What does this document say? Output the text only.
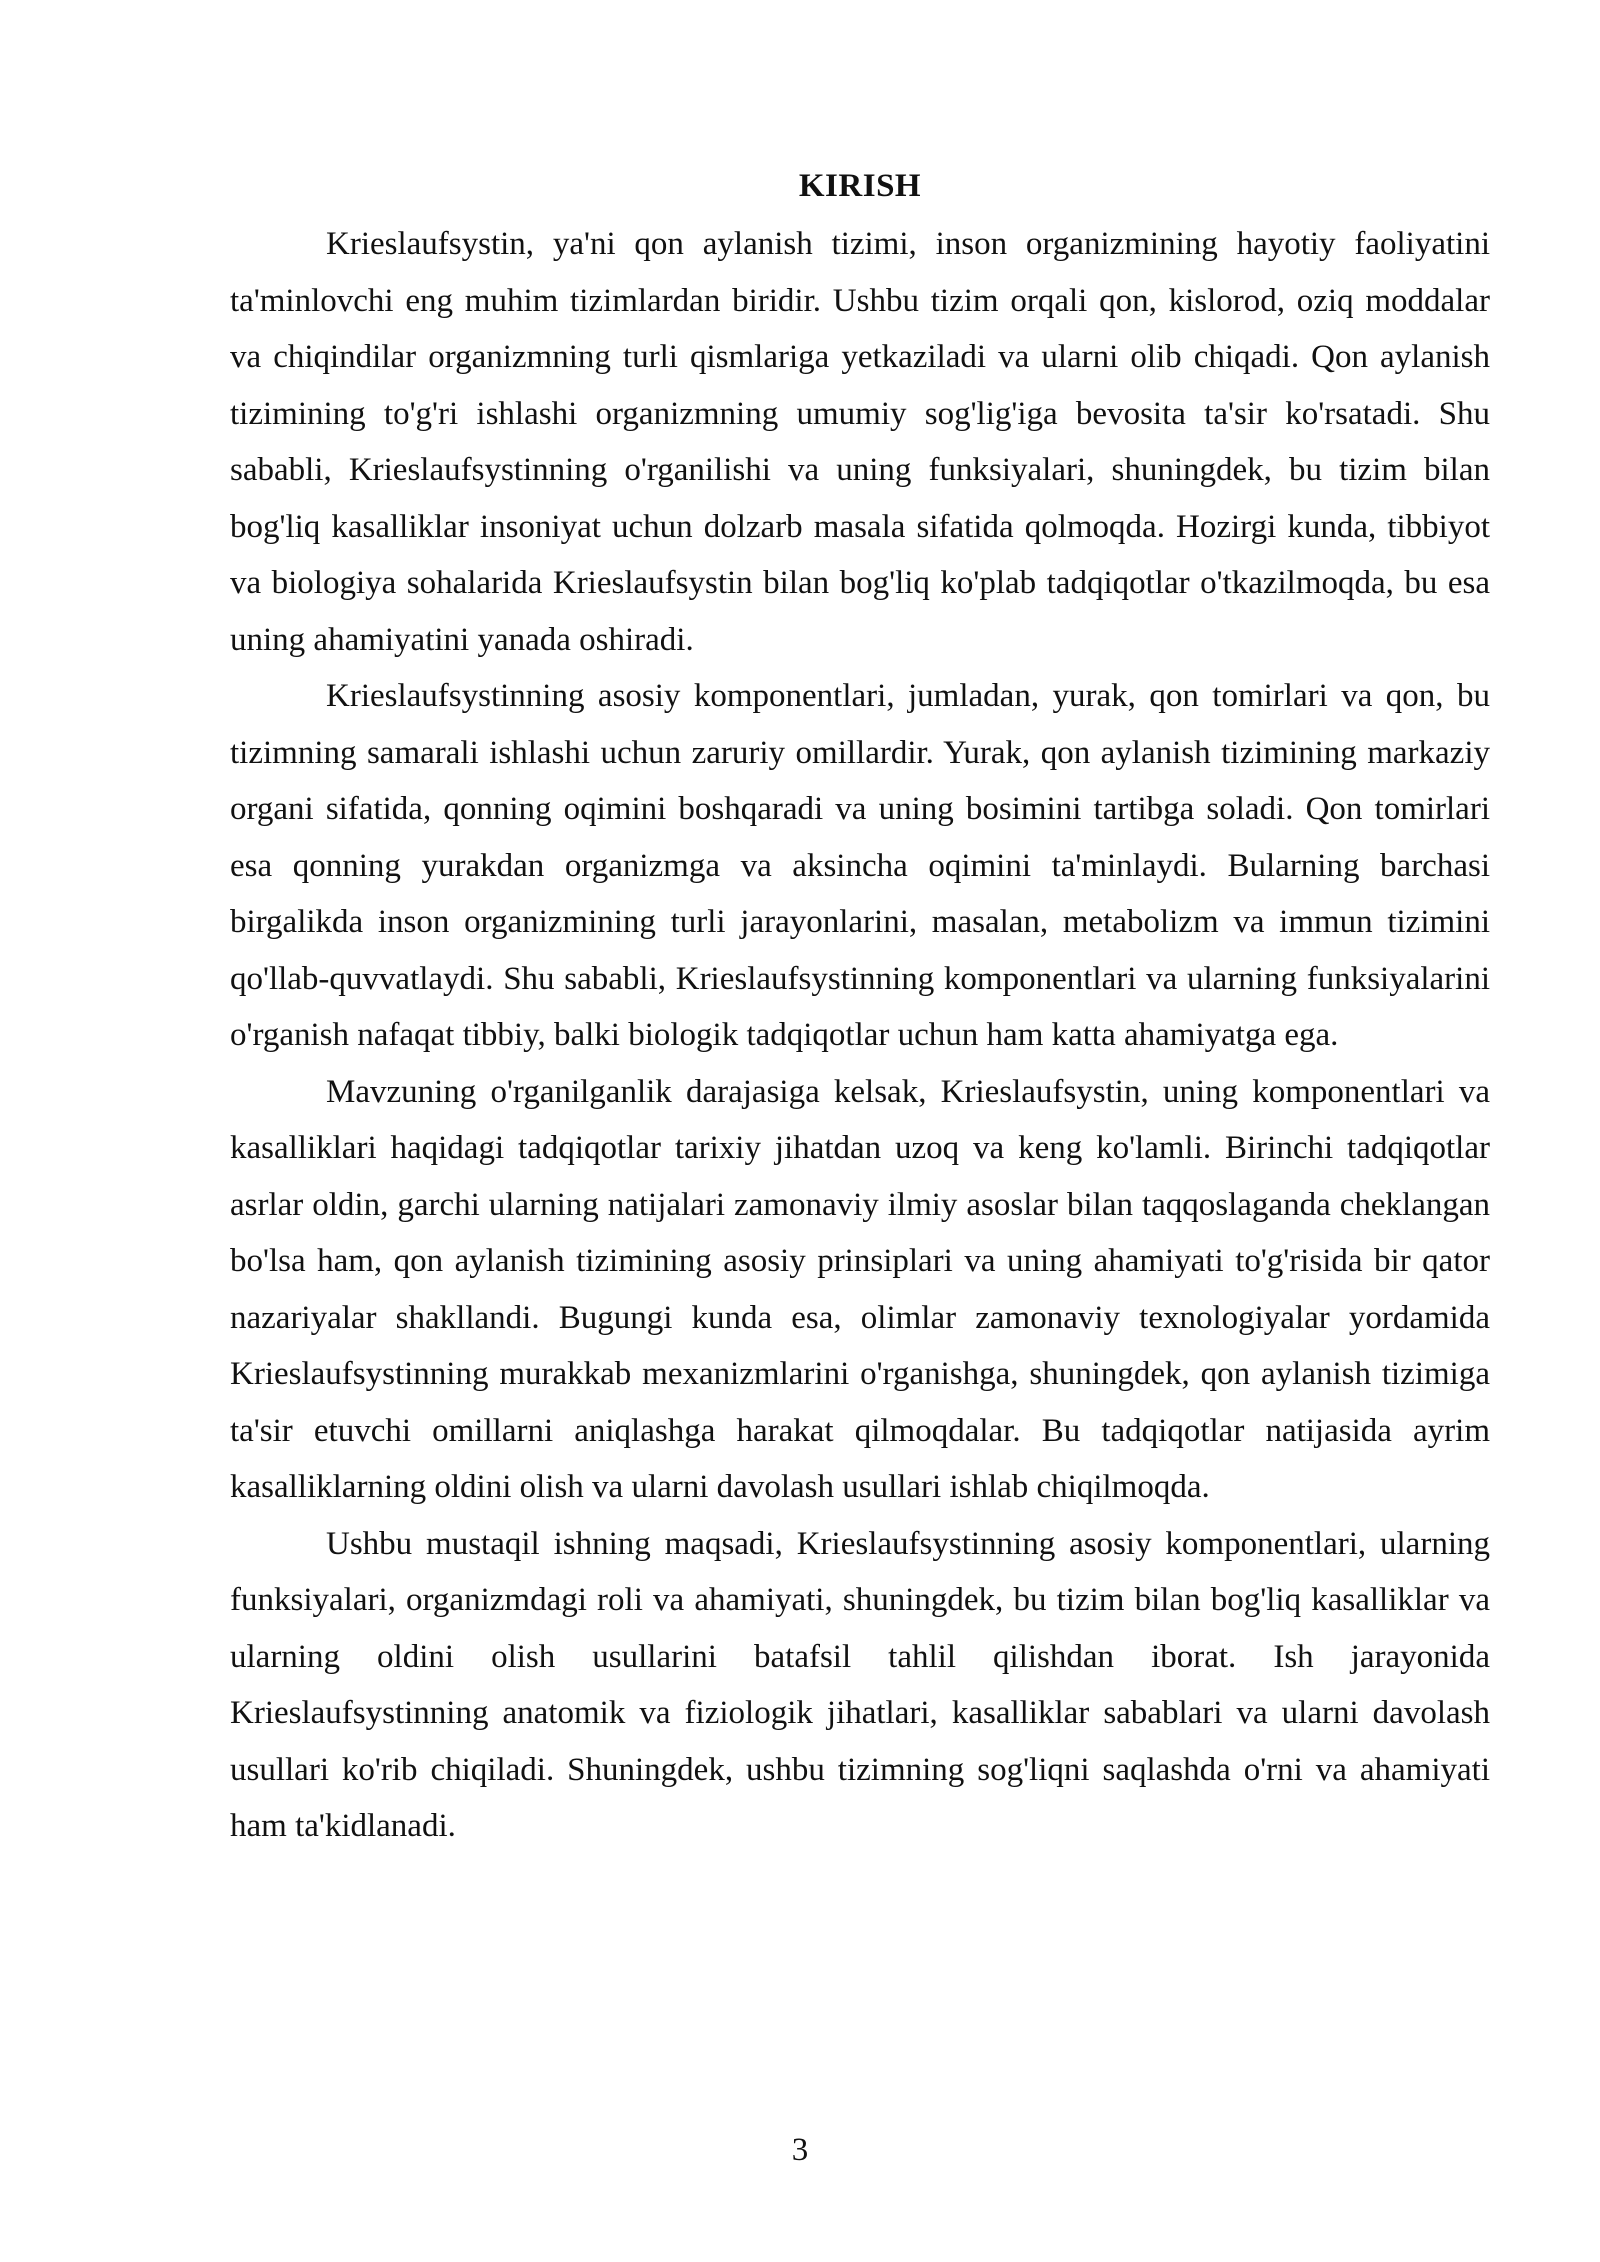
KIRISH

Krieslaufsystin, ya'ni qon aylanish tizimi, inson organizmining hayotiy faoliyatini ta'minlovchi eng muhim tizimlardan biridir. Ushbu tizim orqali qon, kislorod, oziq moddalar va chiqindilar organizmning turli qismlariga yetkaziladi va ularni olib chiqadi. Qon aylanish tizimining to'g'ri ishlashi organizmning umumiy sog'lig'iga bevosita ta'sir ko'rsatadi. Shu sababli, Krieslaufsystinning o'rganilishi va uning funksiyalari, shuningdek, bu tizim bilan bog'liq kasalliklar insoniyat uchun dolzarb masala sifatida qolmoqda. Hozirgi kunda, tibbiyot va biologiya sohalarida Krieslaufsystin bilan bog'liq ko'plab tadqiqotlar o'tkazilmoqda, bu esa uning ahamiyatini yanada oshiradi.

Krieslaufsystinning asosiy komponentlari, jumladan, yurak, qon tomirlari va qon, bu tizimning samarali ishlashi uchun zaruriy omillardir. Yurak, qon aylanish tizimining markaziy organi sifatida, qonning oqimini boshqaradi va uning bosimini tartibga soladi. Qon tomirlari esa qonning yurakdan organizmga va aksincha oqimini ta'minlaydi. Bularning barchasi birgalikda inson organizmining turli jarayonlarini, masalan, metabolizm va immun tizimini qo'llab-quvvatlaydi. Shu sababli, Krieslaufsystinning komponentlari va ularning funksiyalarini o'rganish nafaqat tibbiy, balki biologik tadqiqotlar uchun ham katta ahamiyatga ega.

Mavzuning o'rganilganlik darajasiga kelsak, Krieslaufsystin, uning komponentlari va kasalliklari haqidagi tadqiqotlar tarixiy jihatdan uzoq va keng ko'lamli. Birinchi tadqiqotlar asrlar oldin, garchi ularning natijalari zamonaviy ilmiy asoslar bilan taqqoslaganda cheklangan bo'lsa ham, qon aylanish tizimining asosiy prinsiplari va uning ahamiyati to'g'risida bir qator nazariyalar shakllandi. Bugungi kunda esa, olimlar zamonaviy texnologiyalar yordamida Krieslaufsystinning murakkab mexanizmlarini o'rganishga, shuningdek, qon aylanish tizimiga ta'sir etuvchi omillarni aniqlashga harakat qilmoqdalar. Bu tadqiqotlar natijasida ayrim kasalliklarning oldini olish va ularni davolash usullari ishlab chiqilmoqda.

Ushbu mustaqil ishning maqsadi, Krieslaufsystinning asosiy komponentlari, ularning funksiyalari, organizmdagi roli va ahamiyati, shuningdek, bu tizim bilan bog'liq kasalliklar va ularning oldini olish usullarini batafsil tahlil qilishdan iborat. Ish jarayonida Krieslaufsystinning anatomik va fiziologik jihatlari, kasalliklar sabablari va ularni davolash usullari ko'rib chiqiladi. Shuningdek, ushbu tizimning sog'liqni saqlashda o'rni va ahamiyati ham ta'kidlanadi.

3
